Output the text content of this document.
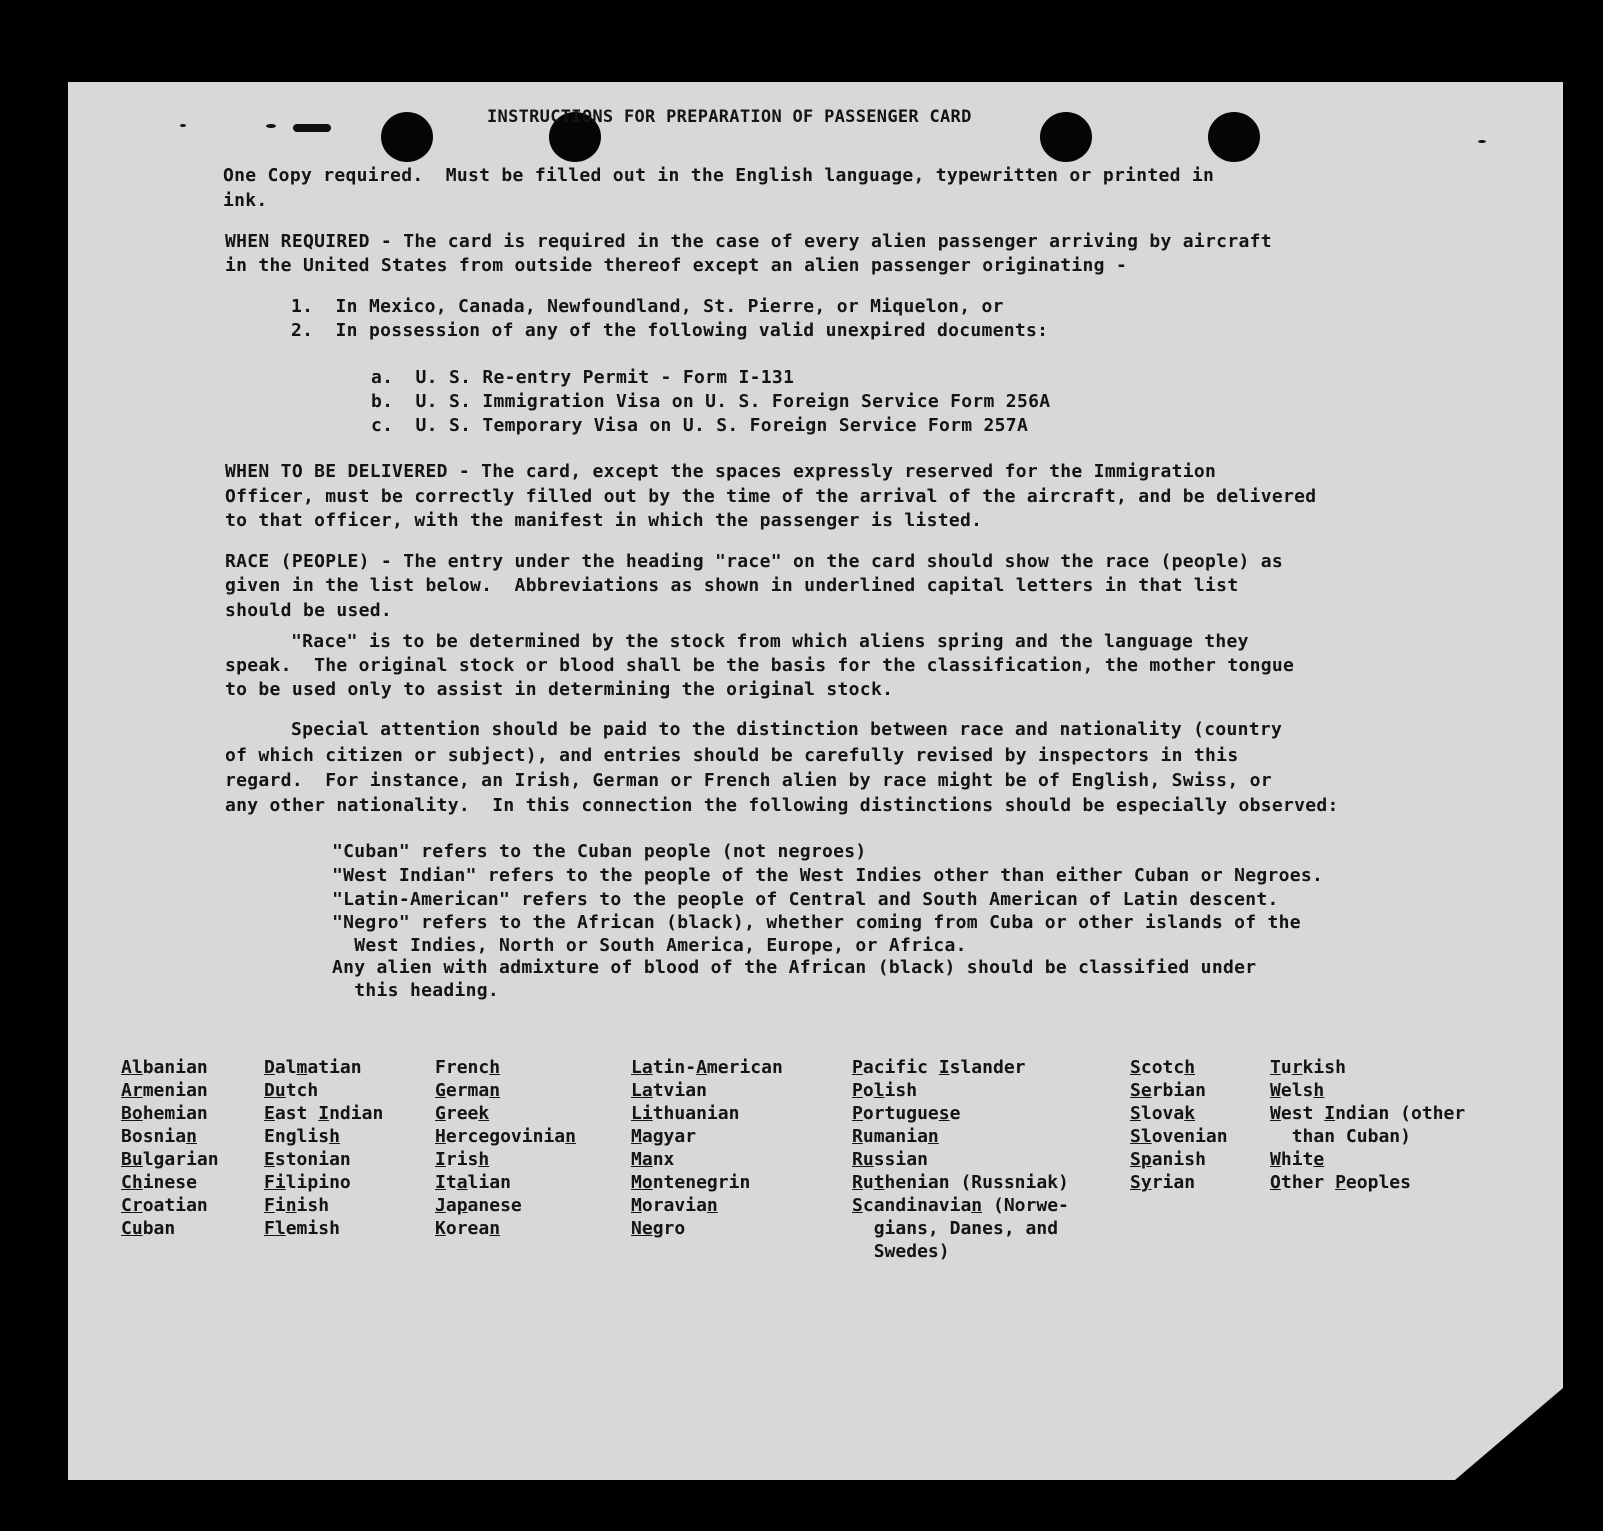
INSTRUCTIONS FOR PREPARATION OF PASSENGER CARD
One Copy required.  Must be filled out in the English language, typewritten or printed in
ink.
WHEN REQUIRED - The card is required in the case of every alien passenger arriving by aircraft
in the United States from outside thereof except an alien passenger originating -
1.  In Mexico, Canada, Newfoundland, St. Pierre, or Miquelon, or
2.  In possession of any of the following valid unexpired documents:
a.  U. S. Re-entry Permit - Form I-131
b.  U. S. Immigration Visa on U. S. Foreign Service Form 256A
c.  U. S. Temporary Visa on U. S. Foreign Service Form 257A
WHEN TO BE DELIVERED - The card, except the spaces expressly reserved for the Immigration
Officer, must be correctly filled out by the time of the arrival of the aircraft, and be delivered
to that officer, with the manifest in which the passenger is listed.
RACE (PEOPLE) - The entry under the heading "race" on the card should show the race (people) as
given in the list below.  Abbreviations as shown in underlined capital letters in that list
should be used.
"Race" is to be determined by the stock from which aliens spring and the language they
speak.  The original stock or blood shall be the basis for the classification, the mother tongue
to be used only to assist in determining the original stock.
Special attention should be paid to the distinction between race and nationality (country
of which citizen or subject), and entries should be carefully revised by inspectors in this
regard.  For instance, an Irish, German or French alien by race might be of English, Swiss, or
any other nationality.  In this connection the following distinctions should be especially observed:
"Cuban" refers to the Cuban people (not negroes)
"West Indian" refers to the people of the West Indies other than either Cuban or Negroes.
"Latin-American" refers to the people of Central and South American of Latin descent.
"Negro" refers to the African (black), whether coming from Cuba or other islands of the
West Indies, North or South America, Europe, or Africa.
Any alien with admixture of blood of the African (black) should be classified under
this heading.
Albanian
Armenian
Bohemian
Bosnian
Bulgarian
Chinese
Croatian
Cuban
Dalmatian
Dutch
East Indian
English
Estonian
Filipino
Finish
Flemish
French
German
Greek
Hercegovinian
Irish
Italian
Japanese
Korean
Latin-American
Latvian
Lithuanian
Magyar
Manx
Montenegrin
Moravian
Negro
Pacific Islander
Polish
Portuguese
Rumanian
Russian
Ruthenian (Russniak)
Scandinavian (Norwe-
gians, Danes, and
Swedes)
Scotch
Serbian
Slovak
Slovenian
Spanish
Syrian
Turkish
Welsh
West Indian (other
than Cuban)
White
Other Peoples
